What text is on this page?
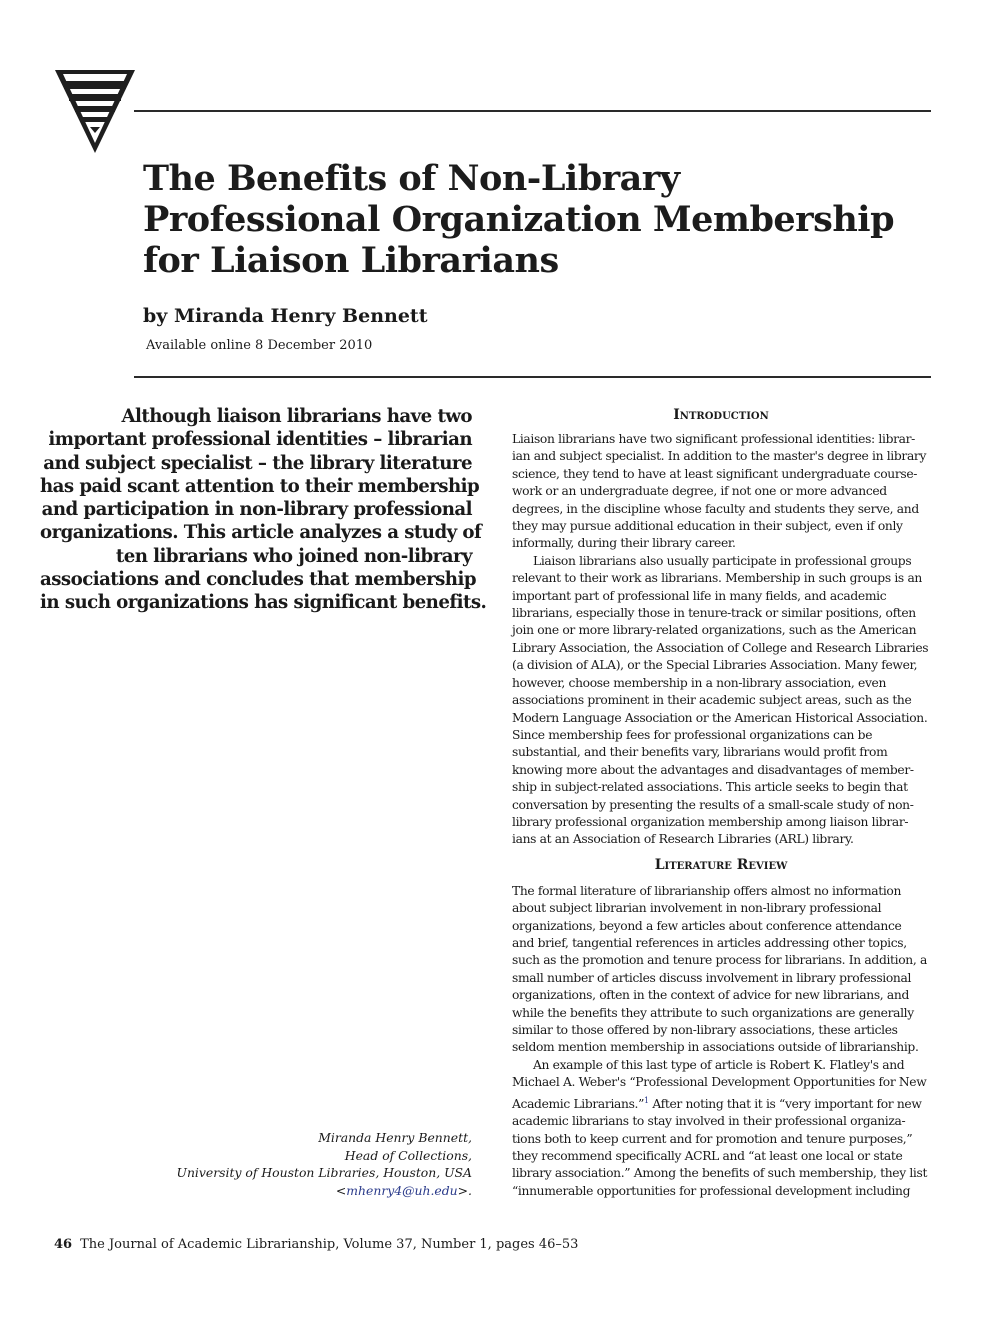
The Benefits of Non-Library
Professional Organization Membership
for Liaison Librarians
by Miranda Henry Bennett
Available online 8 December 2010
Although liaison librarians have two
important professional identities – librarian
and subject specialist – the library literature
has paid scant attention to their membership
and participation in non-library professional
organizations. This article analyzes a study of
ten librarians who joined non-library
associations and concludes that membership
in such organizations has significant benefits.
Miranda Henry Bennett,
Head of Collections,
University of Houston Libraries, Houston, USA
<mhenry4@uh.edu>.
Introduction
Liaison librarians have two significant professional identities: librar-
ian and subject specialist. In addition to the master's degree in library
science, they tend to have at least significant undergraduate course-
work or an undergraduate degree, if not one or more advanced
degrees, in the discipline whose faculty and students they serve, and
they may pursue additional education in their subject, even if only
informally, during their library career.
Liaison librarians also usually participate in professional groups
relevant to their work as librarians. Membership in such groups is an
important part of professional life in many fields, and academic
librarians, especially those in tenure-track or similar positions, often
join one or more library-related organizations, such as the American
Library Association, the Association of College and Research Libraries
(a division of ALA), or the Special Libraries Association. Many fewer,
however, choose membership in a non-library association, even
associations prominent in their academic subject areas, such as the
Modern Language Association or the American Historical Association.
Since membership fees for professional organizations can be
substantial, and their benefits vary, librarians would profit from
knowing more about the advantages and disadvantages of member-
ship in subject-related associations. This article seeks to begin that
conversation by presenting the results of a small-scale study of non-
library professional organization membership among liaison librar-
ians at an Association of Research Libraries (ARL) library.
Literature Review
The formal literature of librarianship offers almost no information
about subject librarian involvement in non-library professional
organizations, beyond a few articles about conference attendance
and brief, tangential references in articles addressing other topics,
such as the promotion and tenure process for librarians. In addition, a
small number of articles discuss involvement in library professional
organizations, often in the context of advice for new librarians, and
while the benefits they attribute to such organizations are generally
similar to those offered by non-library associations, these articles
seldom mention membership in associations outside of librarianship.
An example of this last type of article is Robert K. Flatley's and
Michael A. Weber's “Professional Development Opportunities for New
Academic Librarians.”$^1$ After noting that it is “very important for new
academic librarians to stay involved in their professional organiza-
tions both to keep current and for promotion and tenure purposes,”
they recommend specifically ACRL and “at least one local or state
library association.” Among the benefits of such membership, they list
“innumerable opportunities for professional development including
46 The Journal of Academic Librarianship, Volume 37, Number 1, pages 46–53
